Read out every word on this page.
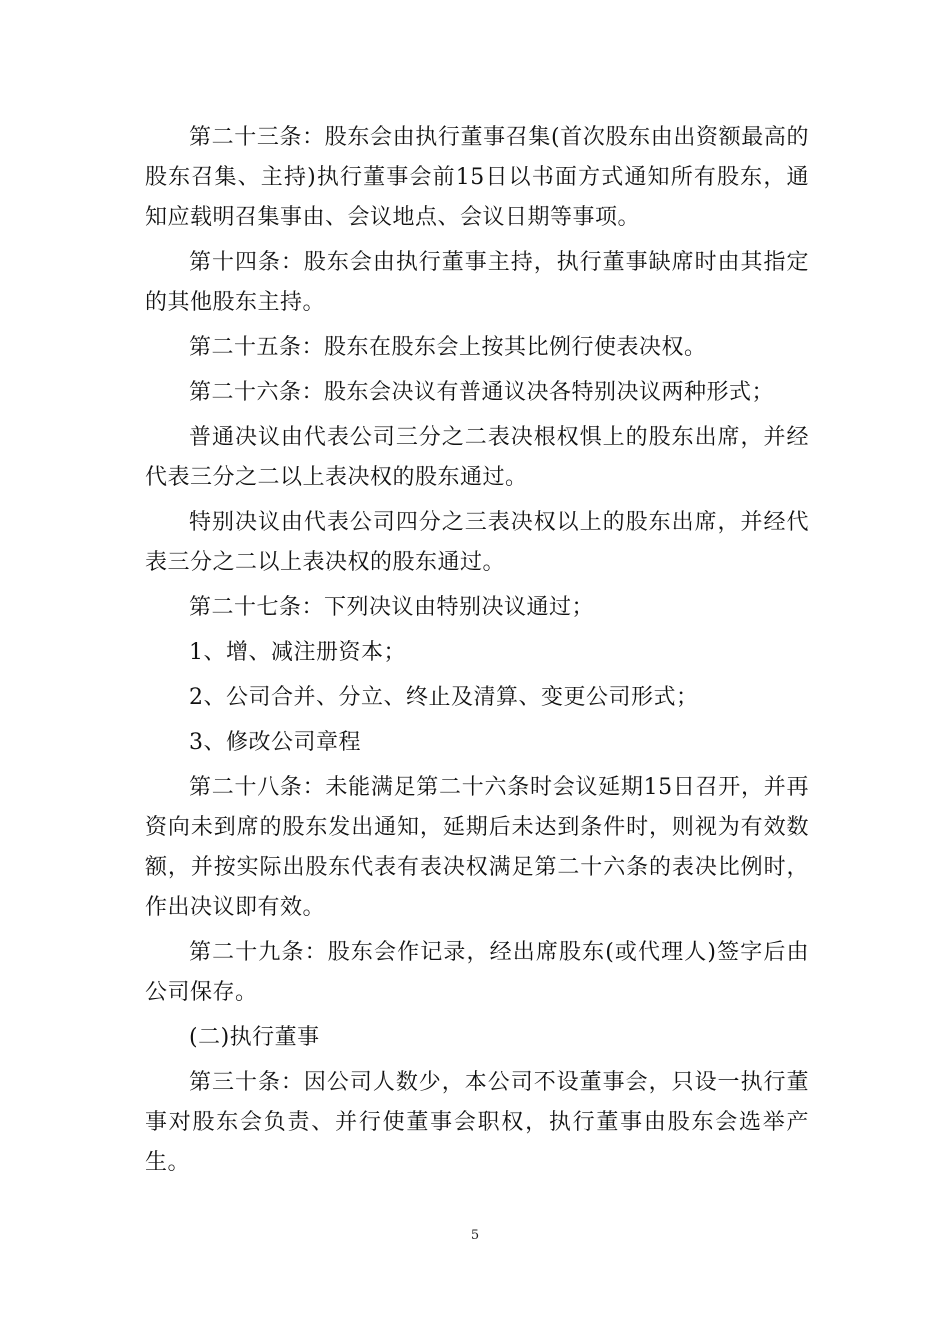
第二十三条：股东会由执行董事召集(首次股东由出资额最高的股东召集、主持)执行董事会前15日以书面方式通知所有股东，通知应载明召集事由、会议地点、会议日期等事项。

第十四条：股东会由执行董事主持，执行董事缺席时由其指定的其他股东主持。

第二十五条：股东在股东会上按其比例行使表决权。

第二十六条：股东会决议有普通议决各特别决议两种形式；

普通决议由代表公司三分之二表决根权惧上的股东出席，并经代表三分之二以上表决权的股东通过。

特别决议由代表公司四分之三表决权以上的股东出席，并经代表三分之二以上表决权的股东通过。

第二十七条：下列决议由特别决议通过；

1、增、减注册资本；

2、公司合并、分立、终止及清算、变更公司形式；

3、修改公司章程

第二十八条：未能满足第二十六条时会议延期15日召开，并再资向未到席的股东发出通知，延期后未达到条件时，则视为有效数额，并按实际出股东代表有表决权满足第二十六条的表决比例时，作出决议即有效。

第二十九条：股东会作记录，经出席股东(或代理人)签字后由公司保存。

(二)执行董事

第三十条：因公司人数少，本公司不设董事会，只设一执行董事对股东会负责、并行使董事会职权，执行董事由股东会选举产生。

5
